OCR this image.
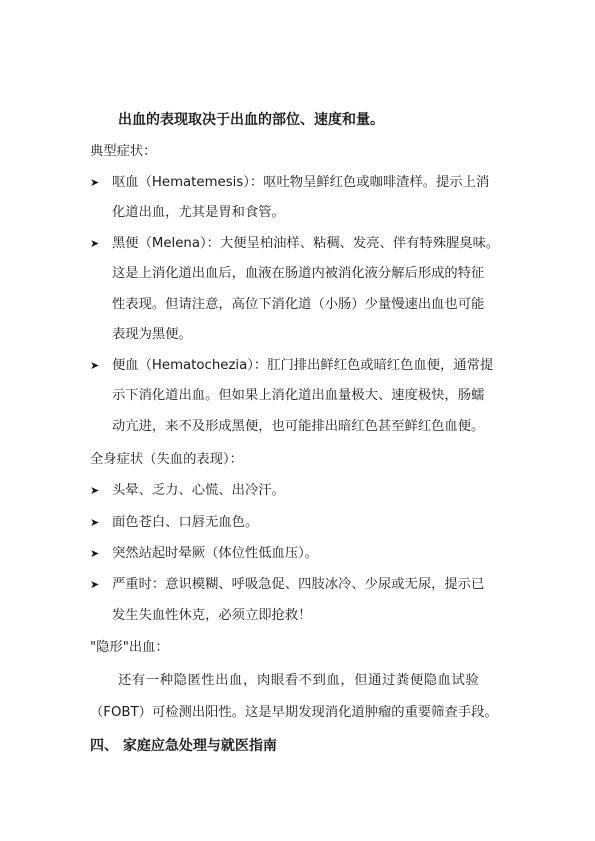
出血的表现取决于出血的部位、速度和量。
典型症状：
➤ 呕血（Hematemesis）：呕吐物呈鲜红色或咖啡渣样。提示上消
化道出血，尤其是胃和食管。
➤ 黑便（Melena）：大便呈柏油样、粘稠、发亮、伴有特殊腥臭味。
这是上消化道出血后，血液在肠道内被消化液分解后形成的特征
性表现。但请注意，高位下消化道（小肠）少量慢速出血也可能
表现为黑便。
➤ 便血（Hematochezia）：肛门排出鲜红色或暗红色血便，通常提
示下消化道出血。但如果上消化道出血量极大、速度极快，肠蠕
动亢进，来不及形成黑便，也可能排出暗红色甚至鲜红色血便。
全身症状（失血的表现）：
➤ 头晕、乏力、心慌、出冷汗。
➤ 面色苍白、口唇无血色。
➤ 突然站起时晕厥（体位性低血压）。
➤ 严重时：意识模糊、呼吸急促、四肢冰冷、少尿或无尿，提示已
发生失血性休克，必须立即抢救！
"隐形"出血：
还有一种隐匿性出血，肉眼看不到血，但通过粪便隐血试验
（FOBT）可检测出阳性。这是早期发现消化道肿瘤的重要筛查手段。
四、 家庭应急处理与就医指南
